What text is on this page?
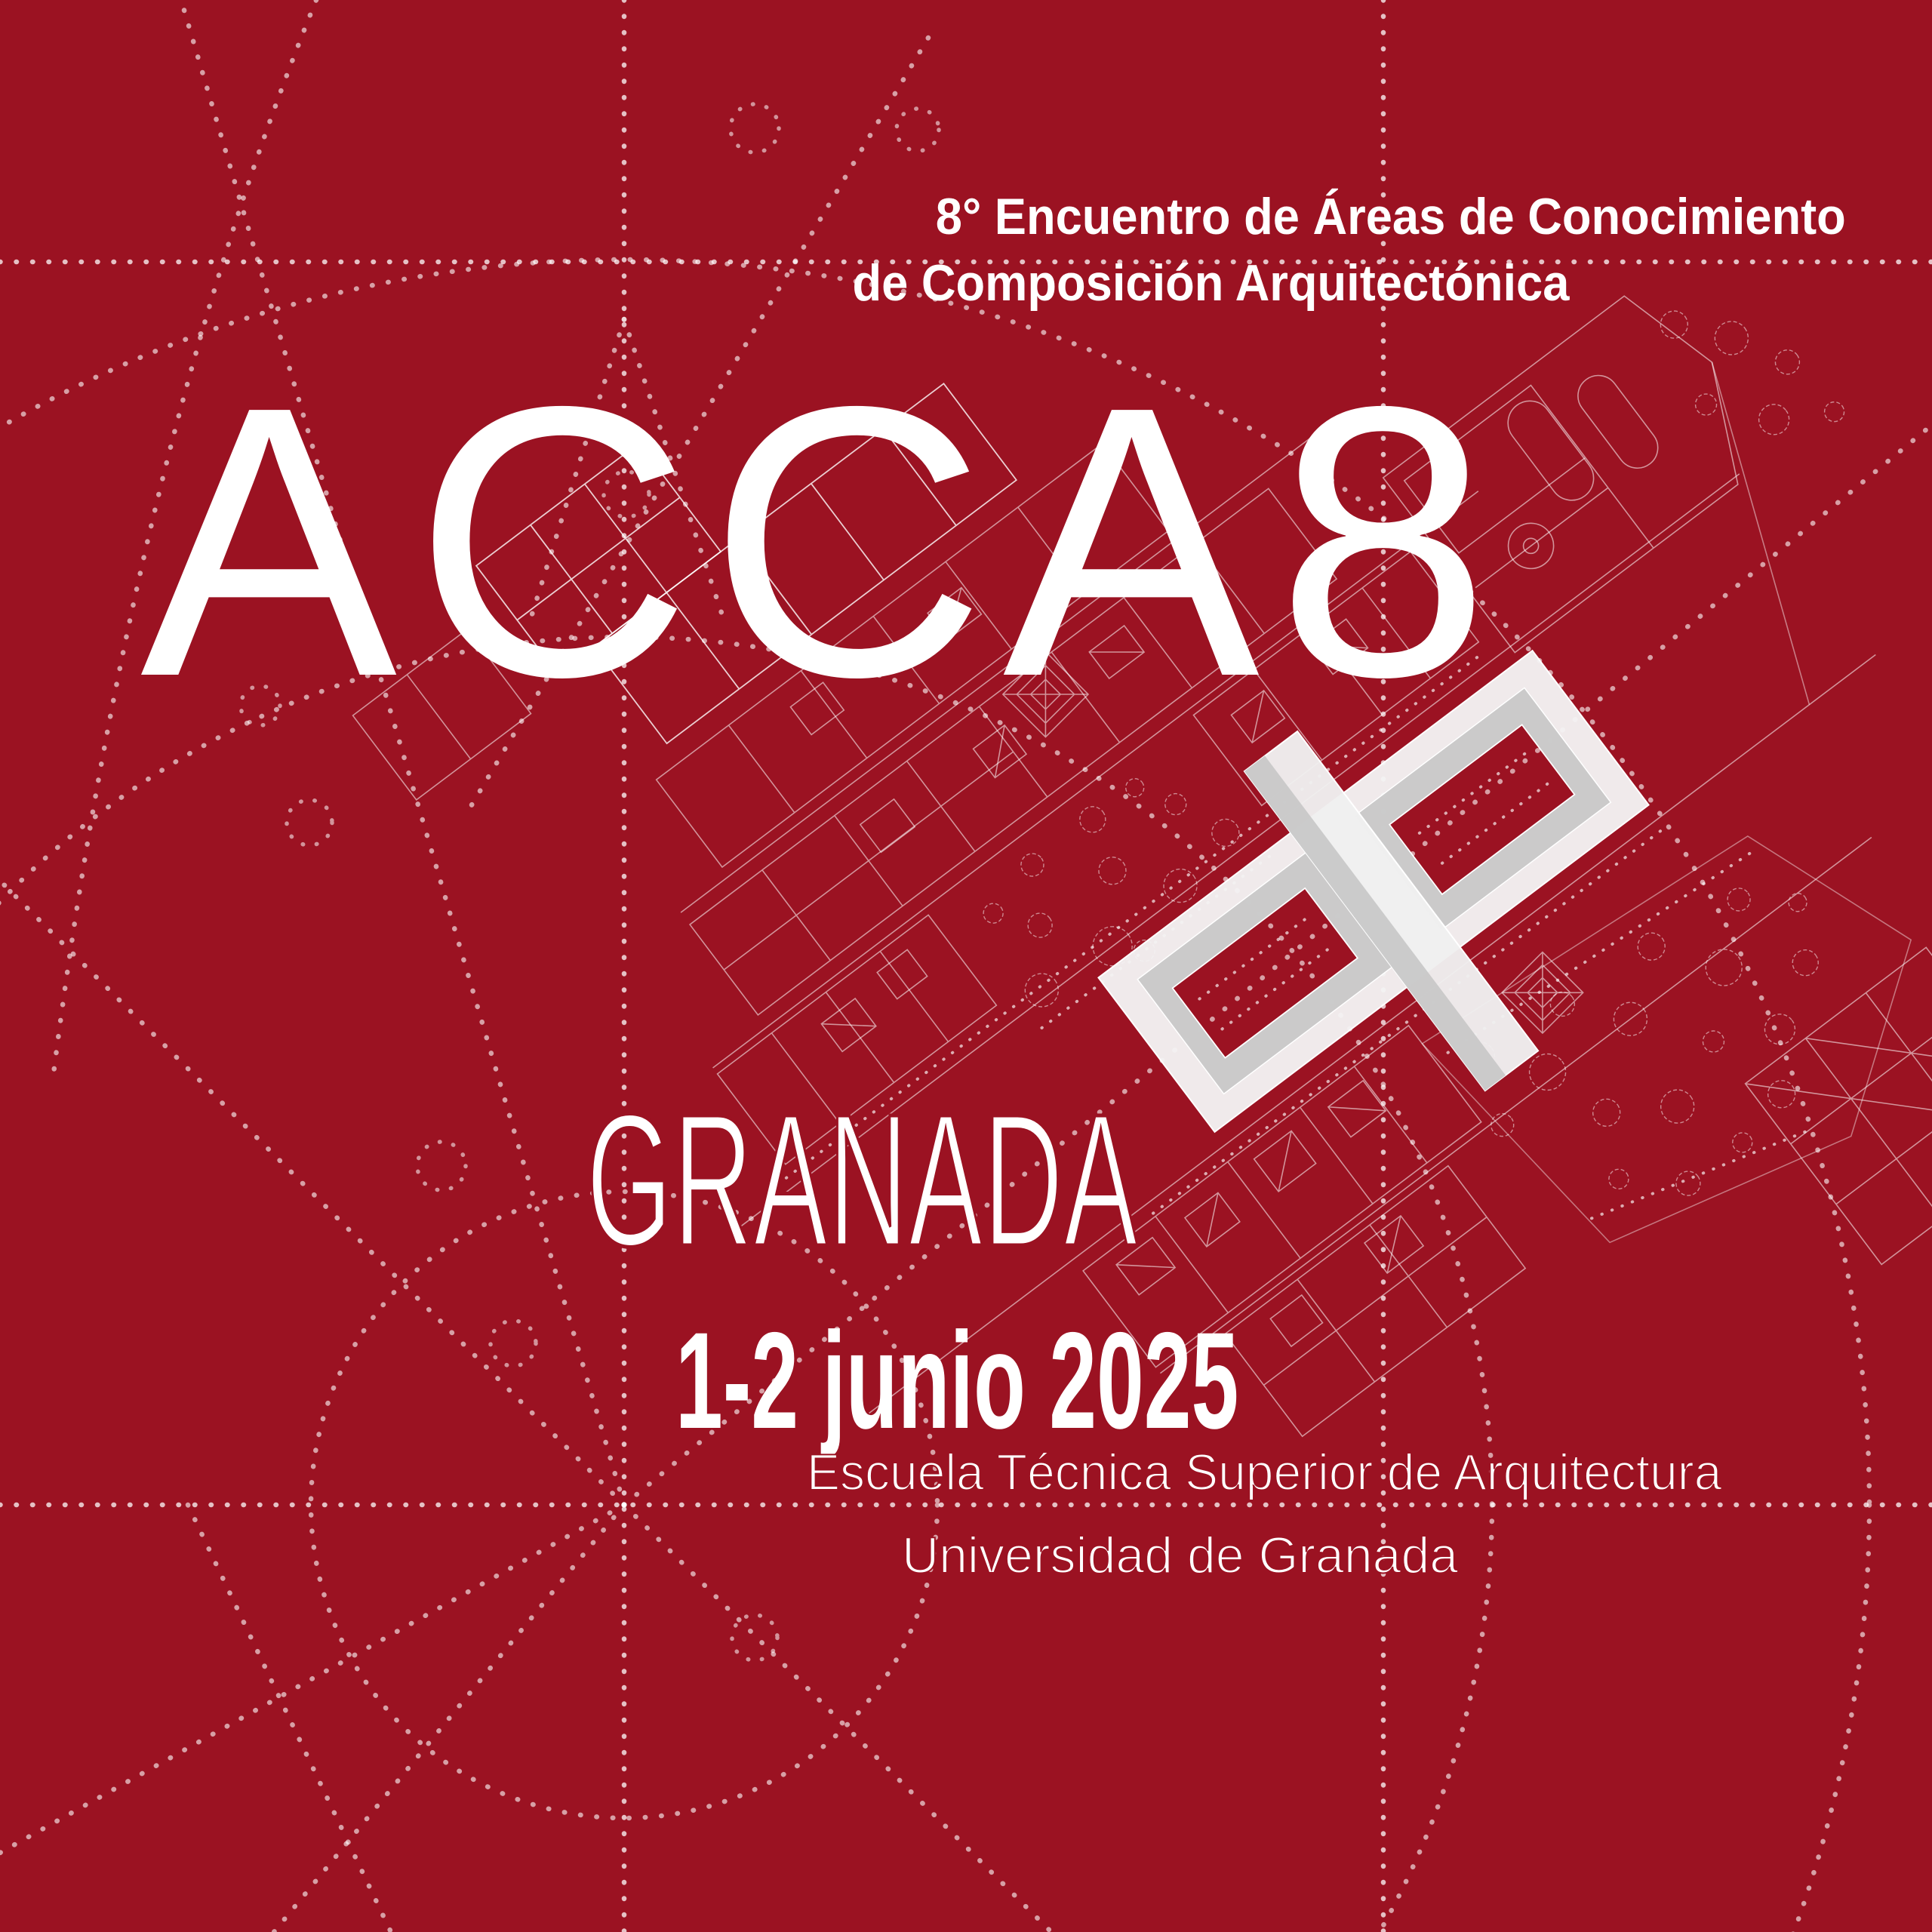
8° Encuentro de Áreas de Conocimiento
de Composición Arquitectónica
ACCA8
GRANADA
1-2 junio 2025
Escuela Técnica Superior de Arquitectura
Universidad de Granada
